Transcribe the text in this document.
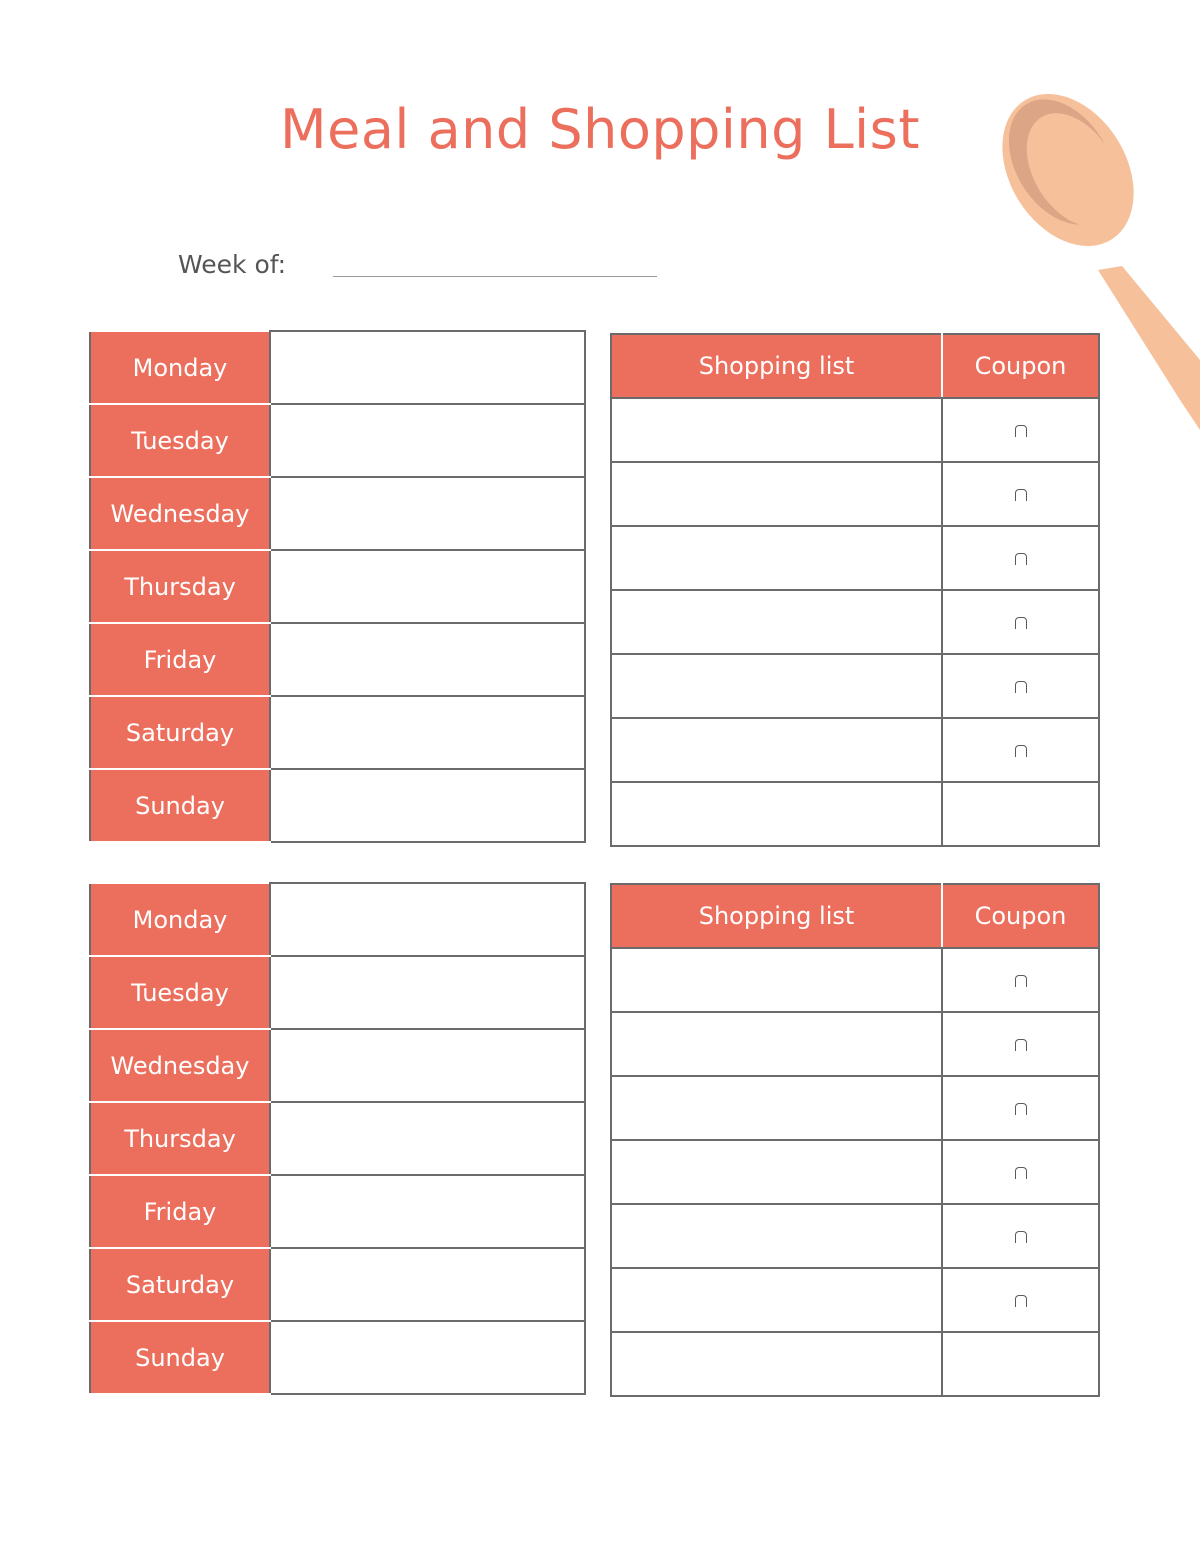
Meal and Shopping List
Week of:
Monday	
Tuesday	
Wednesday	
Thursday	
Friday	
Saturday	
Sunday	
Shopping list	Coupon

Monday	
Tuesday	
Wednesday	
Thursday	
Friday	
Saturday	
Sunday	
Shopping list	Coupon
